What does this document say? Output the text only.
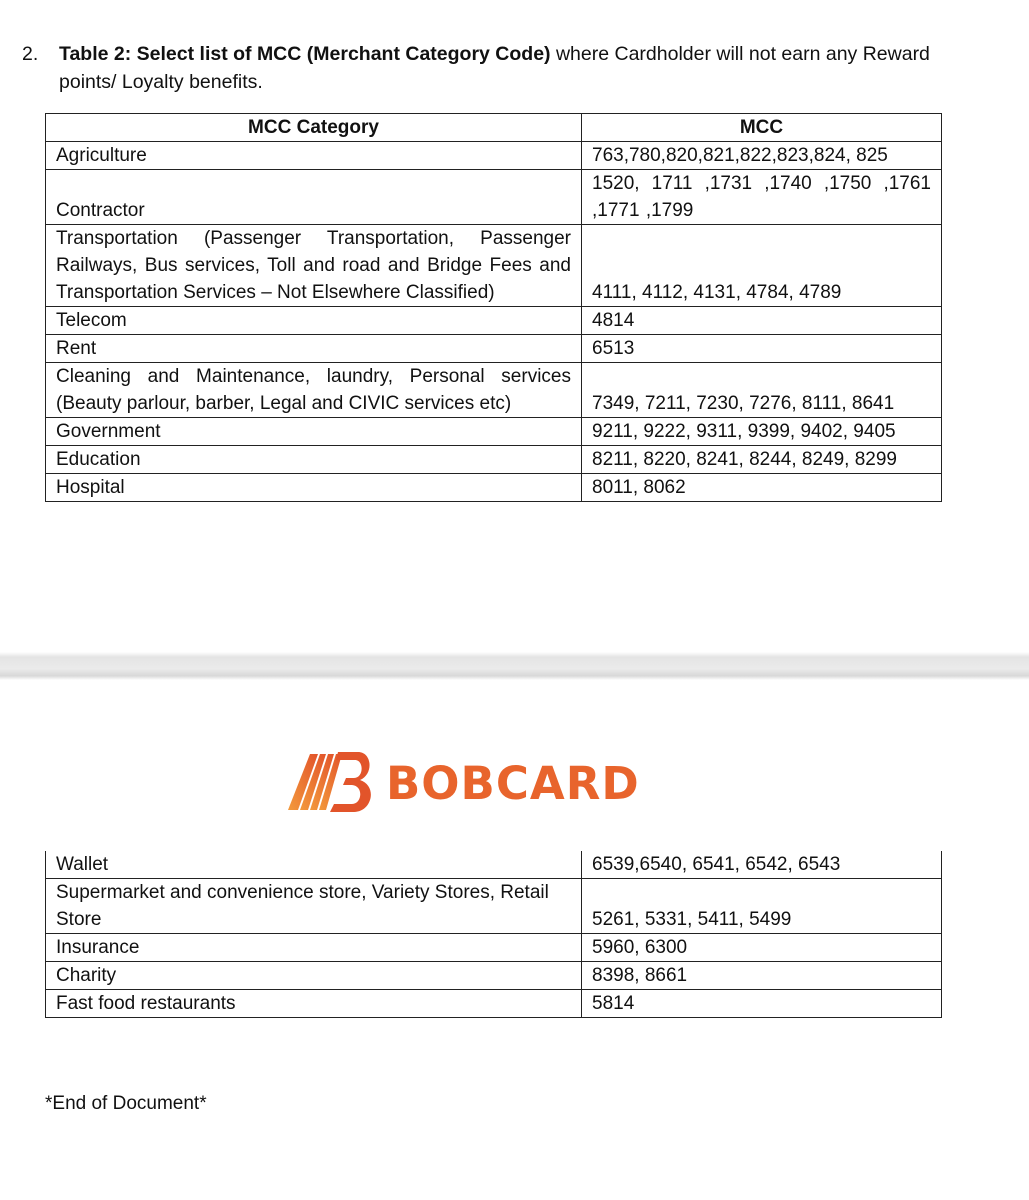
2. Table 2: Select list of MCC (Merchant Category Code) where Cardholder will not earn any Reward points/ Loyalty benefits.
MCC Category	MCC
Agriculture	763,780,820,821,822,823,824, 825
Contractor	1520, 1711 ,1731 ,1740 ,1750 ,1761 ,1771 ,1799
Transportation (Passenger Transportation, Passenger Railways, Bus services, Toll and road and Bridge Fees and Transportation Services – Not Elsewhere Classified)	4111, 4112, 4131, 4784, 4789
Telecom	4814
Rent	6513
Cleaning and Maintenance, laundry, Personal services (Beauty parlour, barber, Legal and CIVIC services etc)	7349, 7211, 7230, 7276, 8111, 8641
Government	9211, 9222, 9311, 9399, 9402, 9405
Education	8211, 8220, 8241, 8244, 8249, 8299
Hospital	8011, 8062
BOBCARD
Wallet	6539,6540, 6541, 6542, 6543
Supermarket and convenience store, Variety Stores, Retail Store	5261, 5331, 5411, 5499
Insurance	5960, 6300
Charity	8398, 8661
Fast food restaurants	5814
*End of Document*
